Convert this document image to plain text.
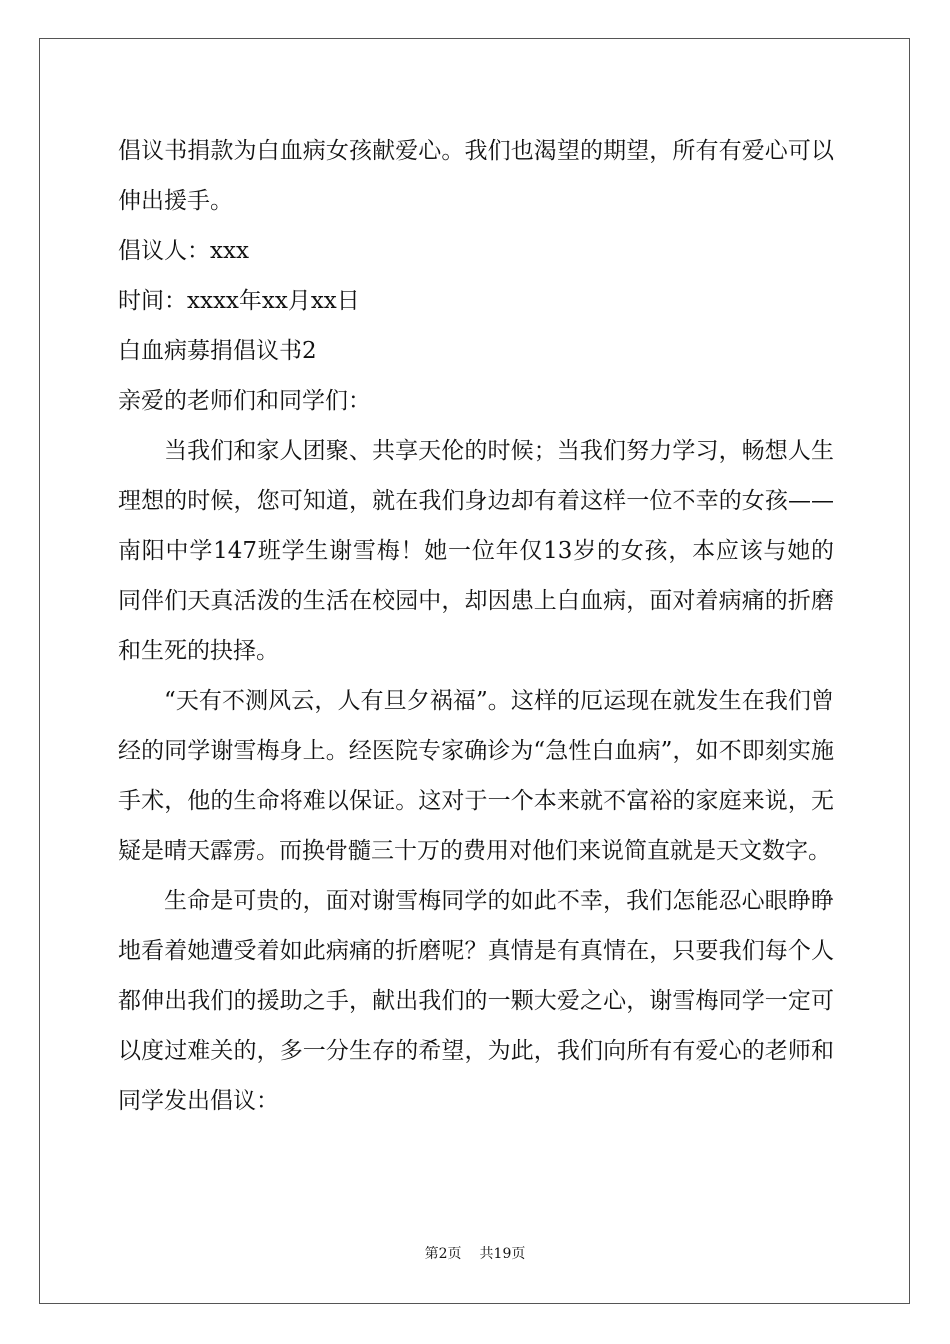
倡议书捐款为白血病女孩献爱心。我们也渴望的期望，所有有爱心可以伸出援手。

倡议人：xxx

时间：xxxx年xx月xx日

白血病募捐倡议书2

亲爱的老师们和同学们：

当我们和家人团聚、共享天伦的时候；当我们努力学习，畅想人生理想的时候，您可知道，就在我们身边却有着这样一位不幸的女孩——南阳中学147班学生谢雪梅！她一位年仅13岁的女孩，本应该与她的同伴们天真活泼的生活在校园中，却因患上白血病，面对着病痛的折磨和生死的抉择。

“天有不测风云，人有旦夕祸福”。这样的厄运现在就发生在我们曾经的同学谢雪梅身上。经医院专家确诊为“急性白血病”，如不即刻实施手术，他的生命将难以保证。这对于一个本来就不富裕的家庭来说，无疑是晴天霹雳。而换骨髓三十万的费用对他们来说简直就是天文数字。

生命是可贵的，面对谢雪梅同学的如此不幸，我们怎能忍心眼睁睁地看着她遭受着如此病痛的折磨呢？真情是有真情在，只要我们每个人都伸出我们的援助之手，献出我们的一颗大爱之心，谢雪梅同学一定可以度过难关的，多一分生存的希望，为此，我们向所有有爱心的老师和同学发出倡议：

第2页 共19页
